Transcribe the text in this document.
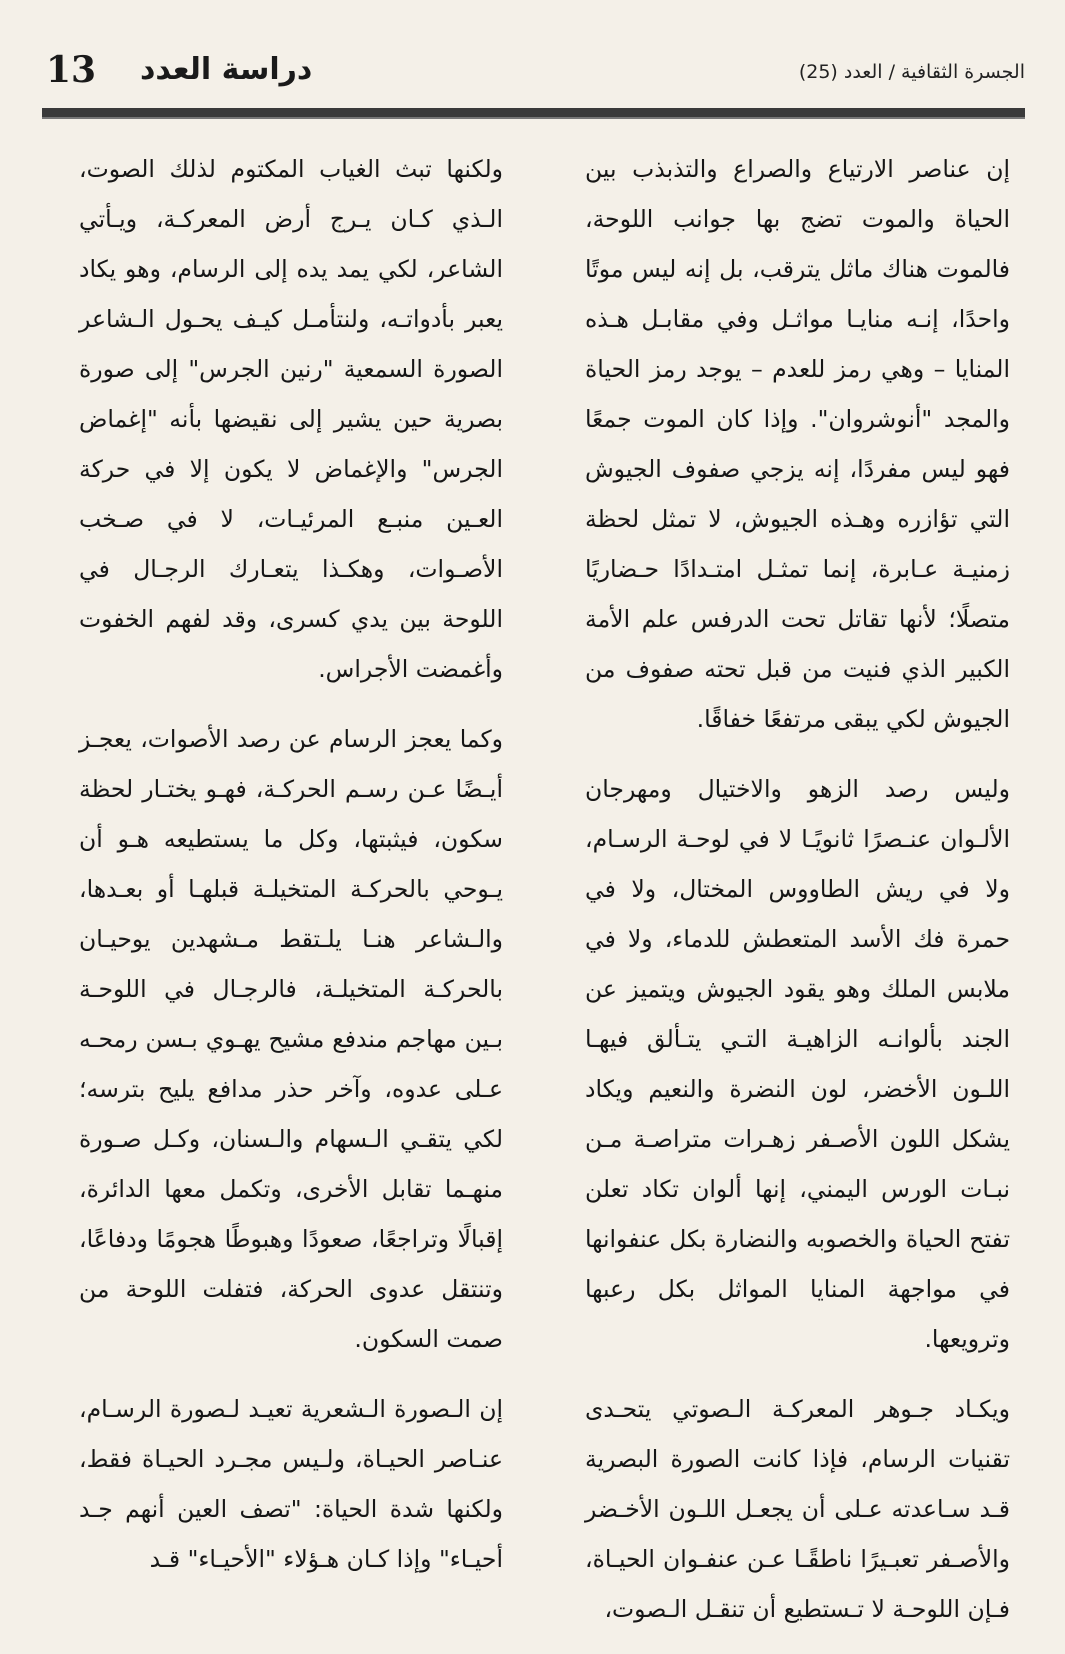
13 دراسة العدد	الجسرة الثقافية / العدد (25)

إن عناصر الارتياع والصراع والتذبذب بين الحياة والموت تضج بها جوانب اللوحة، فالموت هناك ماثل يترقب، بل إنه ليس موتًا واحدًا، إنـه منايـا مواثـل وفي مقابـل هـذه المنايا – وهي رمز للعدم – يوجد رمز الحياة والمجد "أنوشروان". وإذا كان الموت جمعًا فهو ليس مفردًا، إنه يزجي صفوف الجيوش التي تؤازره وهـذه الجيوش، لا تمثل لحظة زمنيـة عـابرة، إنما تمثـل امتـدادًا حـضاريًا متصلًا؛ لأنها تقاتل تحت الدرفس علم الأمة الكبير الذي فنيت من قبل تحته صفوف من الجيوش لكي يبقى مرتفعًا خفاقًا.

وليس رصد الزهو والاختيال ومهرجان الألـوان عنـصرًا ثانويًـا لا في لوحـة الرسـام، ولا في ريش الطاووس المختال، ولا في حمرة فك الأسد المتعطش للدماء، ولا في ملابس الملك وهو يقود الجيوش ويتميز عن الجند بألوانـه الزاهيـة التـي يتـألق فيهـا اللـون الأخضر، لون النضرة والنعيم ويكاد يشكل اللون الأصـفر زهـرات متراصـة مـن نبـات الورس اليمني، إنها ألوان تكاد تعلن تفتح الحياة والخصوبه والنضارة بكل عنفوانها في مواجهة المنايا المواثل بكل رعبها وترويعها.

ويكـاد جـوهر المعركـة الـصوتي يتحـدى تقنيات الرسام، فإذا كانت الصورة البصرية قـد سـاعدته عـلى أن يجعـل اللـون الأخـضر والأصـفر تعبـيرًا ناطقًـا عـن عنفـوان الحيـاة، فـإن اللوحـة لا تـستطيع أن تنقـل الـصوت،

ولكنها تبث الغياب المكتوم لذلك الصوت، الـذي كـان يـرج أرض المعركـة، ويـأتي الشاعر، لكي يمد يده إلى الرسام، وهو يكاد يعبر بأدواتـه، ولنتأمـل كيـف يحـول الـشاعر الصورة السمعية "رنين الجرس" إلى صورة بصرية حين يشير إلى نقيضها بأنه "إغماض الجرس" والإغماض لا يكون إلا في حركة العـين منبـع المرئيـات، لا في صـخب الأصـوات، وهكـذا يتعـارك الرجـال في اللوحة بين يدي كسرى، وقد لفهم الخفوت وأغمضت الأجراس.

وكما يعجز الرسام عن رصد الأصوات، يعجـز أيـضًا عـن رسـم الحركـة، فهـو يختـار لحظة سكون، فيثبتها، وكل ما يستطيعه هـو أن يـوحي بالحركـة المتخيلـة قبلهـا أو بعـدها، والـشاعر هنـا يلـتقط مـشهدين يوحيـان بالحركـة المتخيلـة، فالرجـال في اللوحـة بـين مهاجم مندفع مشيح يهـوي بـسن رمحـه عـلى عدوه، وآخر حذر مدافع يليح بترسه؛ لكي يتقـي الـسهام والـسنان، وكـل صـورة منهـما تقابل الأخرى، وتكمل معها الدائرة، إقبالًا وتراجعًا، صعودًا وهبوطًا هجومًا ودفاعًا، وتنتقل عدوى الحركة، فتفلت اللوحة من صمت السكون.

إن الـصورة الـشعرية تعيـد لـصورة الرسـام، عنـاصر الحيـاة، ولـيس مجـرد الحيـاة فقط، ولكنها شدة الحياة: "تصف العين أنهم جـد أحيـاء" وإذا كـان هـؤلاء "الأحيـاء" قـد
